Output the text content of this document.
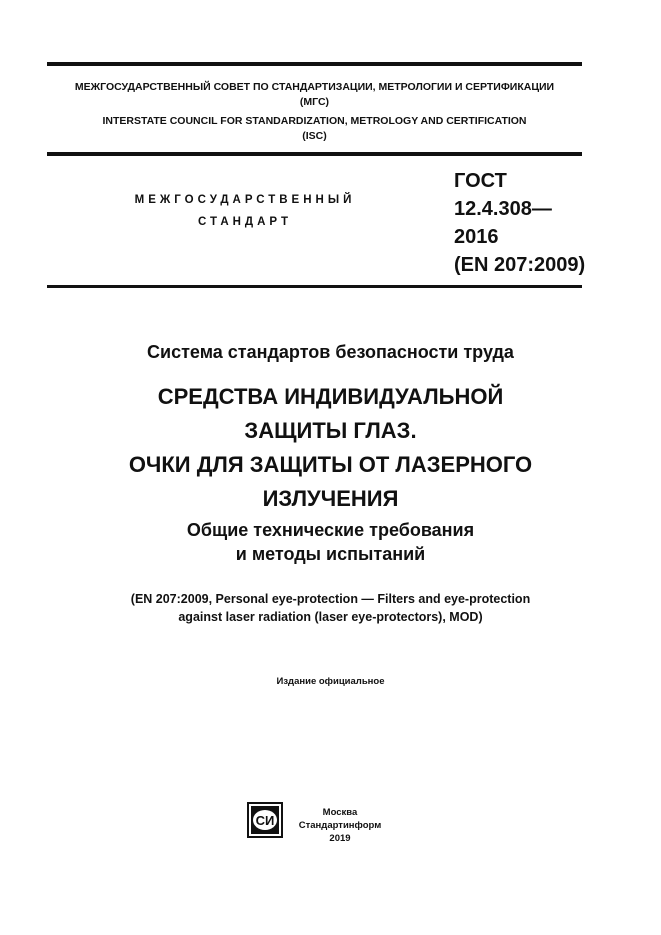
МЕЖГОСУДАРСТВЕННЫЙ СОВЕТ ПО СТАНДАРТИЗАЦИИ, МЕТРОЛОГИИ И СЕРТИФИКАЦИИ
(МГС)
INTERSTATE COUNCIL FOR STANDARDIZATION, METROLOGY AND CERTIFICATION
(ISC)
МЕЖГОСУДАРСТВЕННЫЙ
СТАНДАРТ
ГОСТ
12.4.308—
2016
(EN 207:2009)
Система стандартов безопасности труда
СРЕДСТВА ИНДИВИДУАЛЬНОЙ
ЗАЩИТЫ ГЛАЗ.
ОЧКИ ДЛЯ ЗАЩИТЫ ОТ ЛАЗЕРНОГО
ИЗЛУЧЕНИЯ
Общие технические требования
и методы испытаний
(EN 207:2009, Personal eye-protection — Filters and eye-protection
against laser radiation (laser eye-protectors), MOD)
Издание официальное
СИ
Москва
Стандартинформ
2019
